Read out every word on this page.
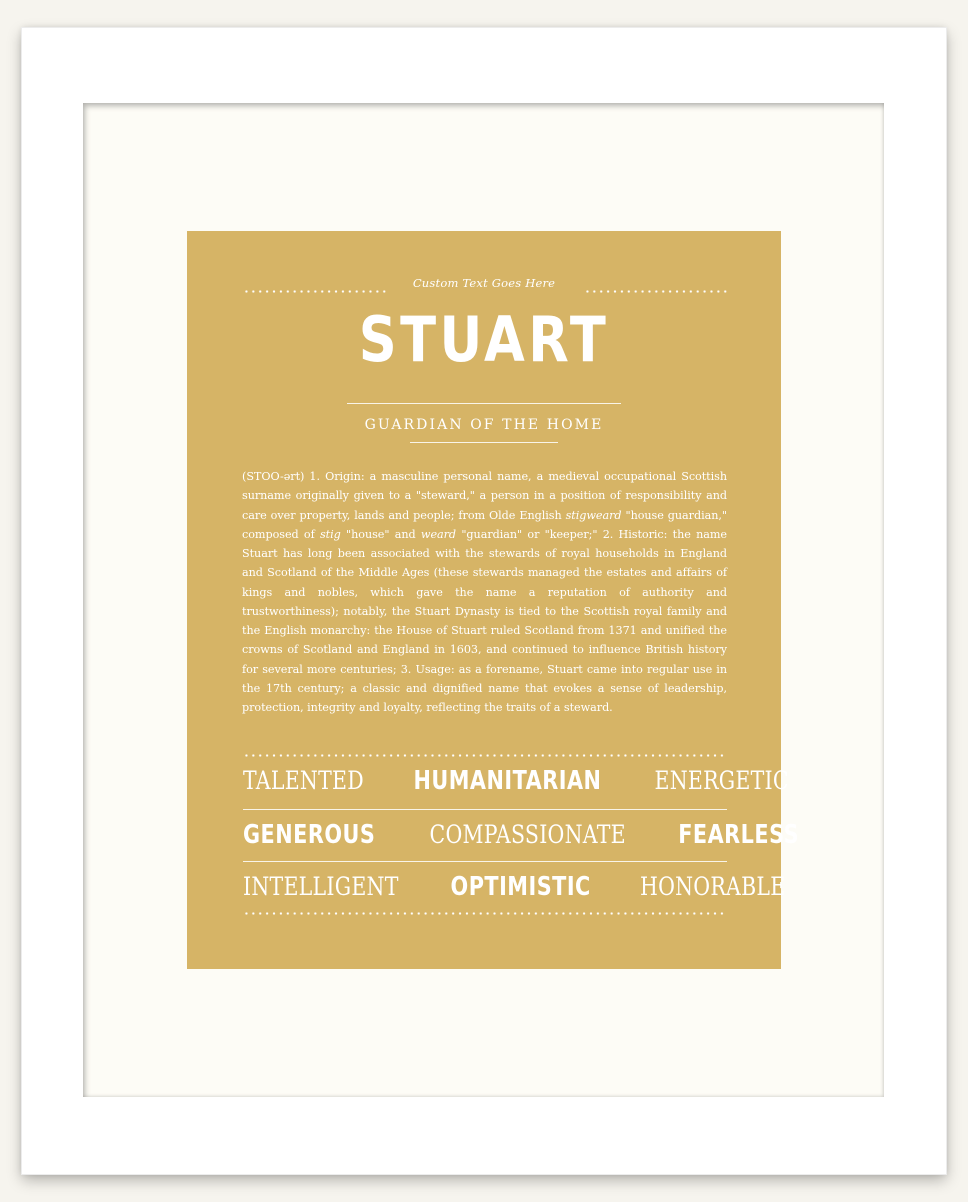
Custom Text Goes Here
STUART
GUARDIAN OF THE HOME
(STOO-ərt) 1. Origin: a masculine personal name, a medieval occupational Scottish surname originally given to a "steward," a person in a position of responsibility and care over property, lands and people; from Olde English stigweard "house guardian," composed of stig "house" and weard "guardian" or "keeper;" 2. Historic: the name Stuart has long been associated with the stewards of royal households in England and Scotland of the Middle Ages (these stewards managed the estates and affairs of kings and nobles, which gave the name a reputation of authority and trustworthiness); notably, the Stuart Dynasty is tied to the Scottish royal family and the English monarchy: the House of Stuart ruled Scotland from 1371 and unified the crowns of Scotland and England in 1603, and continued to influence British history for several more centuries; 3. Usage: as a forename, Stuart came into regular use in the 17th century; a classic and dignified name that evokes a sense of leadership, protection, integrity and loyalty, reflecting the traits of a steward.
TALENTED HUMANITARIAN ENERGETIC
GENEROUS COMPASSIONATE FEARLESS
INTELLIGENT OPTIMISTIC HONORABLE
